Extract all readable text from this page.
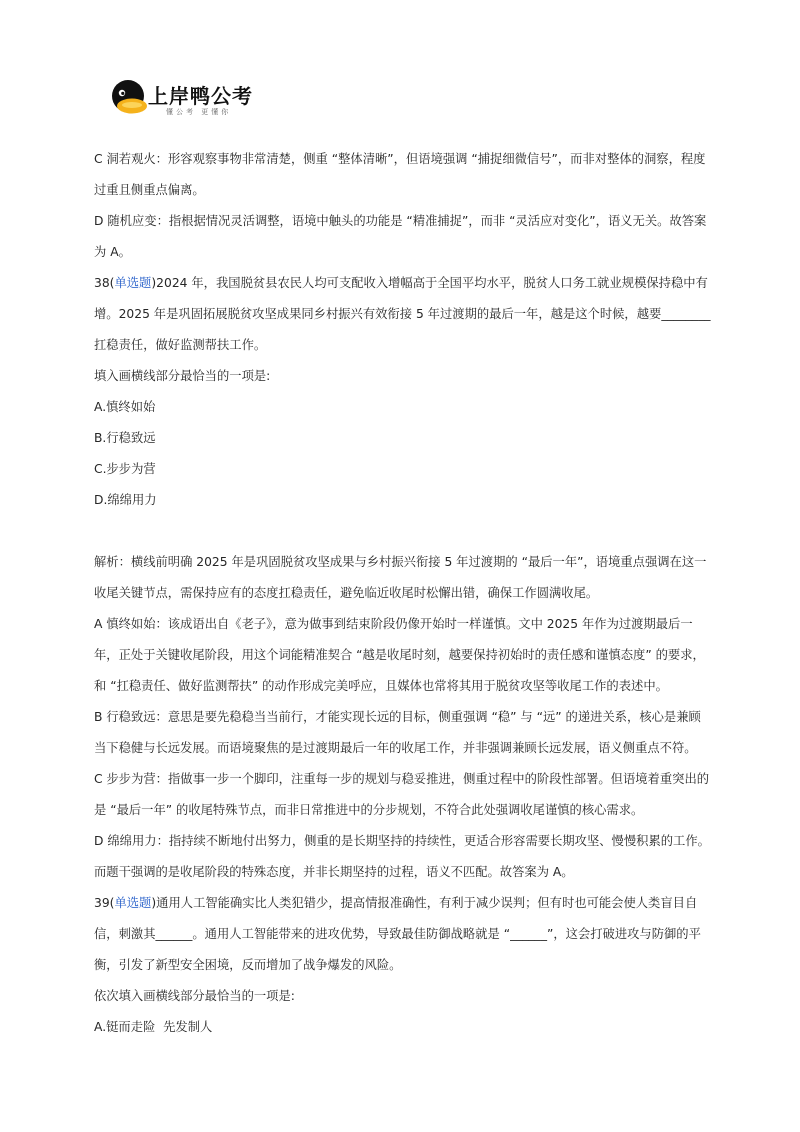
上岸鸭公考
懂公考 更懂你

C 洞若观火：形容观察事物非常清楚，侧重 “整体清晰”，但语境强调 “捕捉细微信号”，而非对整体的洞察，程度过重且侧重点偏离。

D 随机应变：指根据情况灵活调整，语境中触头的功能是 “精准捕捉”，而非 “灵活应对变化”，语义无关。故答案为 A。

38(单选题)2024 年，我国脱贫县农民人均可支配收入增幅高于全国平均水平，脱贫人口务工就业规模保持稳中有增。2025 年是巩固拓展脱贫攻坚成果同乡村振兴有效衔接 5 年过渡期的最后一年，越是这个时候，越要________扛稳责任，做好监测帮扶工作。

填入画横线部分最恰当的一项是:

A.慎终如始

B.行稳致远

C.步步为营

D.绵绵用力

解析：横线前明确 2025 年是巩固脱贫攻坚成果与乡村振兴衔接 5 年过渡期的 “最后一年”，语境重点强调在这一收尾关键节点，需保持应有的态度扛稳责任，避免临近收尾时松懈出错，确保工作圆满收尾。

A 慎终如始：该成语出自《老子》，意为做事到结束阶段仍像开始时一样谨慎。文中 2025 年作为过渡期最后一年，正处于关键收尾阶段，用这个词能精准契合 “越是收尾时刻，越要保持初始时的责任感和谨慎态度” 的要求，和 “扛稳责任、做好监测帮扶” 的动作形成完美呼应，且媒体也常将其用于脱贫攻坚等收尾工作的表述中。

B 行稳致远：意思是要先稳稳当当前行，才能实现长远的目标，侧重强调 “稳” 与 “远” 的递进关系，核心是兼顾当下稳健与长远发展。而语境聚焦的是过渡期最后一年的收尾工作，并非强调兼顾长远发展，语义侧重点不符。

C 步步为营：指做事一步一个脚印，注重每一步的规划与稳妥推进，侧重过程中的阶段性部署。但语境着重突出的是 “最后一年” 的收尾特殊节点，而非日常推进中的分步规划，不符合此处强调收尾谨慎的核心需求。

D 绵绵用力：指持续不断地付出努力，侧重的是长期坚持的持续性，更适合形容需要长期攻坚、慢慢积累的工作。而题干强调的是收尾阶段的特殊态度，并非长期坚持的过程，语义不匹配。故答案为 A。

39(单选题)通用人工智能确实比人类犯错少，提高情报准确性，有利于减少误判；但有时也可能会使人类盲目自信，刺激其______。通用人工智能带来的进攻优势，导致最佳防御战略就是 “______”，这会打破进攻与防御的平衡，引发了新型安全困境，反而增加了战争爆发的风险。

依次填入画横线部分最恰当的一项是:

A.铤而走险  先发制人
